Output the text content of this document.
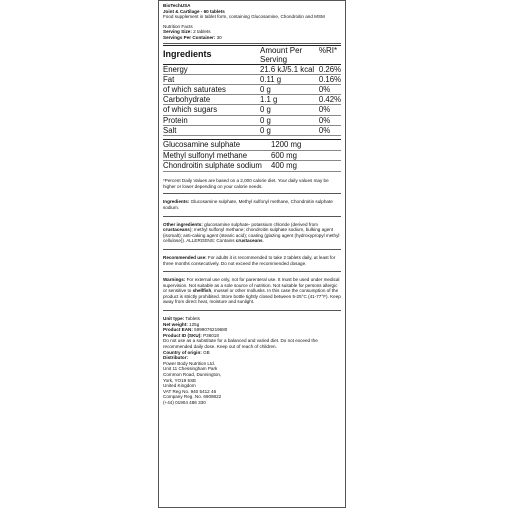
BioTechUSA
Joint & Cartilage - 60 tablets
Food supplement in tablet form, containing Glucosamine, Chondroitin and MSM
Nutrition Facts
Serving Size: 2 tablets
Servings Per Container: 30
Ingredients	Amount Per Serving	%RI*
Energy	21.6 kJ/5.1 kcal	0.26%
Fat	0.11 g	0.16%
of which saturates	0 g	0%
Carbohydrate	1.1 g	0.42%
of which sugars	0 g	0%
Protein	0 g	0%
Salt	0 g	0%
Glucosamine sulphate	1200 mg
Methyl sulfonyl methane	600 mg
Chondroitin sulphate sodium	400 mg
*Percent Daily Values are based on a 2,000 calorie diet. Your daily values may be higher or lower depending on your calorie needs.
Ingredients: Glucosamine sulphate, Methyl sulfonyl methane, Chondroitin sulphate sodium.
Other ingredients: glucosamine sulphate- potassium chloride (derived from crustaceans); methyl sulfonyl methane; chondroitin sulphate sodium, bulking agent (isomalt); anti-caking agent (stearic acid); coating (glazing agent (hydroxypropyl methyl cellulose)). ALLERGENS: Contains crustaceans.
Recommended use: For adults it is recommended to take 2 tablets daily, at least for three months consecutively. Do not exceed the recommended dosage.
Warnings: For external use only, not for parenteral use. It must be used under medical supervision. Not suitable as a sole source of nutrition. Not suitable for persons allergic or sensitive to shellfish, mussel or other mollusks. In this case the consumption of the product is strictly prohibited. Store bottle tightly closed between 5-25°C (41-77°F). Keep away from direct heat, moisture and sunlight.
Unit type: Tablets
Net weight: 125g
Product EAN: 5999076219680
Product ID (SKU): P36018
Do not use as a substitute for a balanced and varied diet. Do not exceed the recommended daily dose. Keep out of reach of children.
Country of origin: GB
Distributor:
Power Body Nutrition Ltd.
Unit 11 Chessingham Park
Common Road, Dunnington,
York, YO19 5SE
United Kingdom
VAT Reg No. 940 5412 46
Company Reg. No. 6909822
(+44) 01904 486 330
